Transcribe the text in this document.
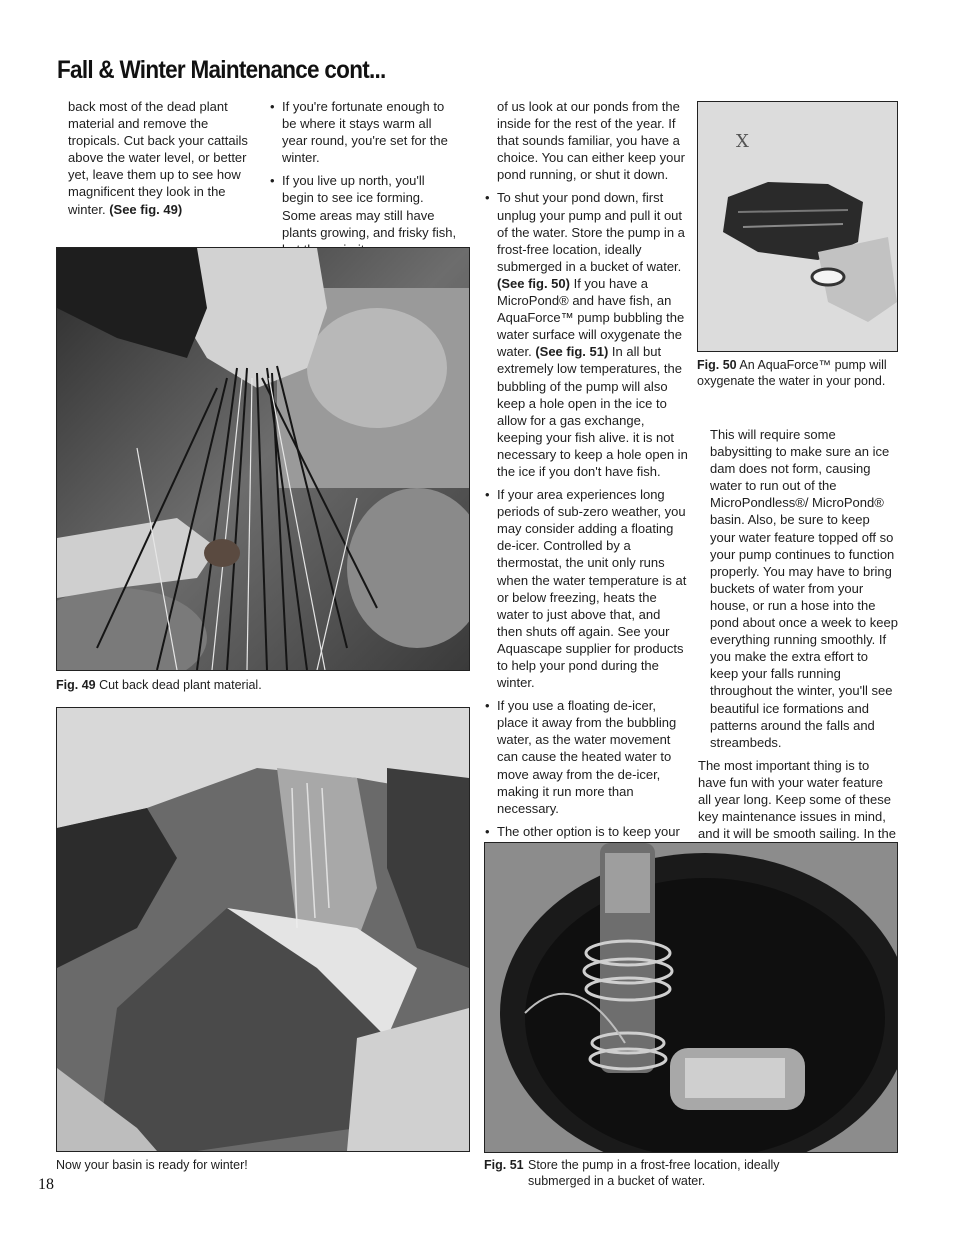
Fall & Winter Maintenance cont...

back most of the dead plant material and remove the tropicals. Cut back your cattails above the water level, or better yet, leave them up to see how magnificent they look in the winter. (See fig. 49)

• If you're fortunate enough to be where it stays warm all year round, you're set for the winter.
• If you live up north, you'll begin to see ice forming. Some areas may still have plants growing, and frisky fish,

of us look at our ponds from the inside for the rest of the year. If that sounds familiar, you have a choice. You can either keep your pond running, or shut it down.

• To shut your pond down, first unplug your pump and pull it out of the water. Store the pump in a frost-free location, ideally submerged in a bucket of water. (See fig. 50) If you have a MicroPond® and have fish, an AquaForce™ pump bubbling the water surface will oxygenate the water. (See fig. 51) In all but extremely low temperatures, the bubbling of the pump will also keep a hole open in the ice to allow for a gas exchange, keeping your fish alive. it is not necessary to keep a hole open in the ice if you don't have fish.
• If your area experiences long periods of sub-zero weather, you may consider adding a floating de-icer. Controlled by a thermostat, the unit only runs when the water temperature is at or below freezing, heats the water to just above that, and then shuts off again. See your Aquascape supplier for products to help your pond during the winter.
• If you use a floating de-icer, place it away from the bubbling water, as the water movement can cause the heated water to move away from the de-icer, making it run more than necessary.
• The other option is to keep your

This will require some babysitting to make sure an ice dam does not form, causing water to run out of the MicroPondless®/ MicroPond® basin. Also, be sure to keep your water feature topped off so your pump continues to function properly. You may have to bring buckets of water from your house, or run a hose into the pond about once a week to keep everything running smoothly. If you make the extra effort to keep your falls running throughout the winter, you'll see beautiful ice formations and patterns around the falls and streambeds.

The most important thing is to have fun with your water feature all year long. Keep some of these key maintenance issues in mind, and it will be smooth sailing. In the

Fig. 49 Cut back dead plant material.
Now your basin is ready for winter!
X
Fig. 50 An AquaForce™ pump will oxygenate the water in your pond.
Fig. 51 Store the pump in a frost-free location, ideally submerged in a bucket of water.
18
